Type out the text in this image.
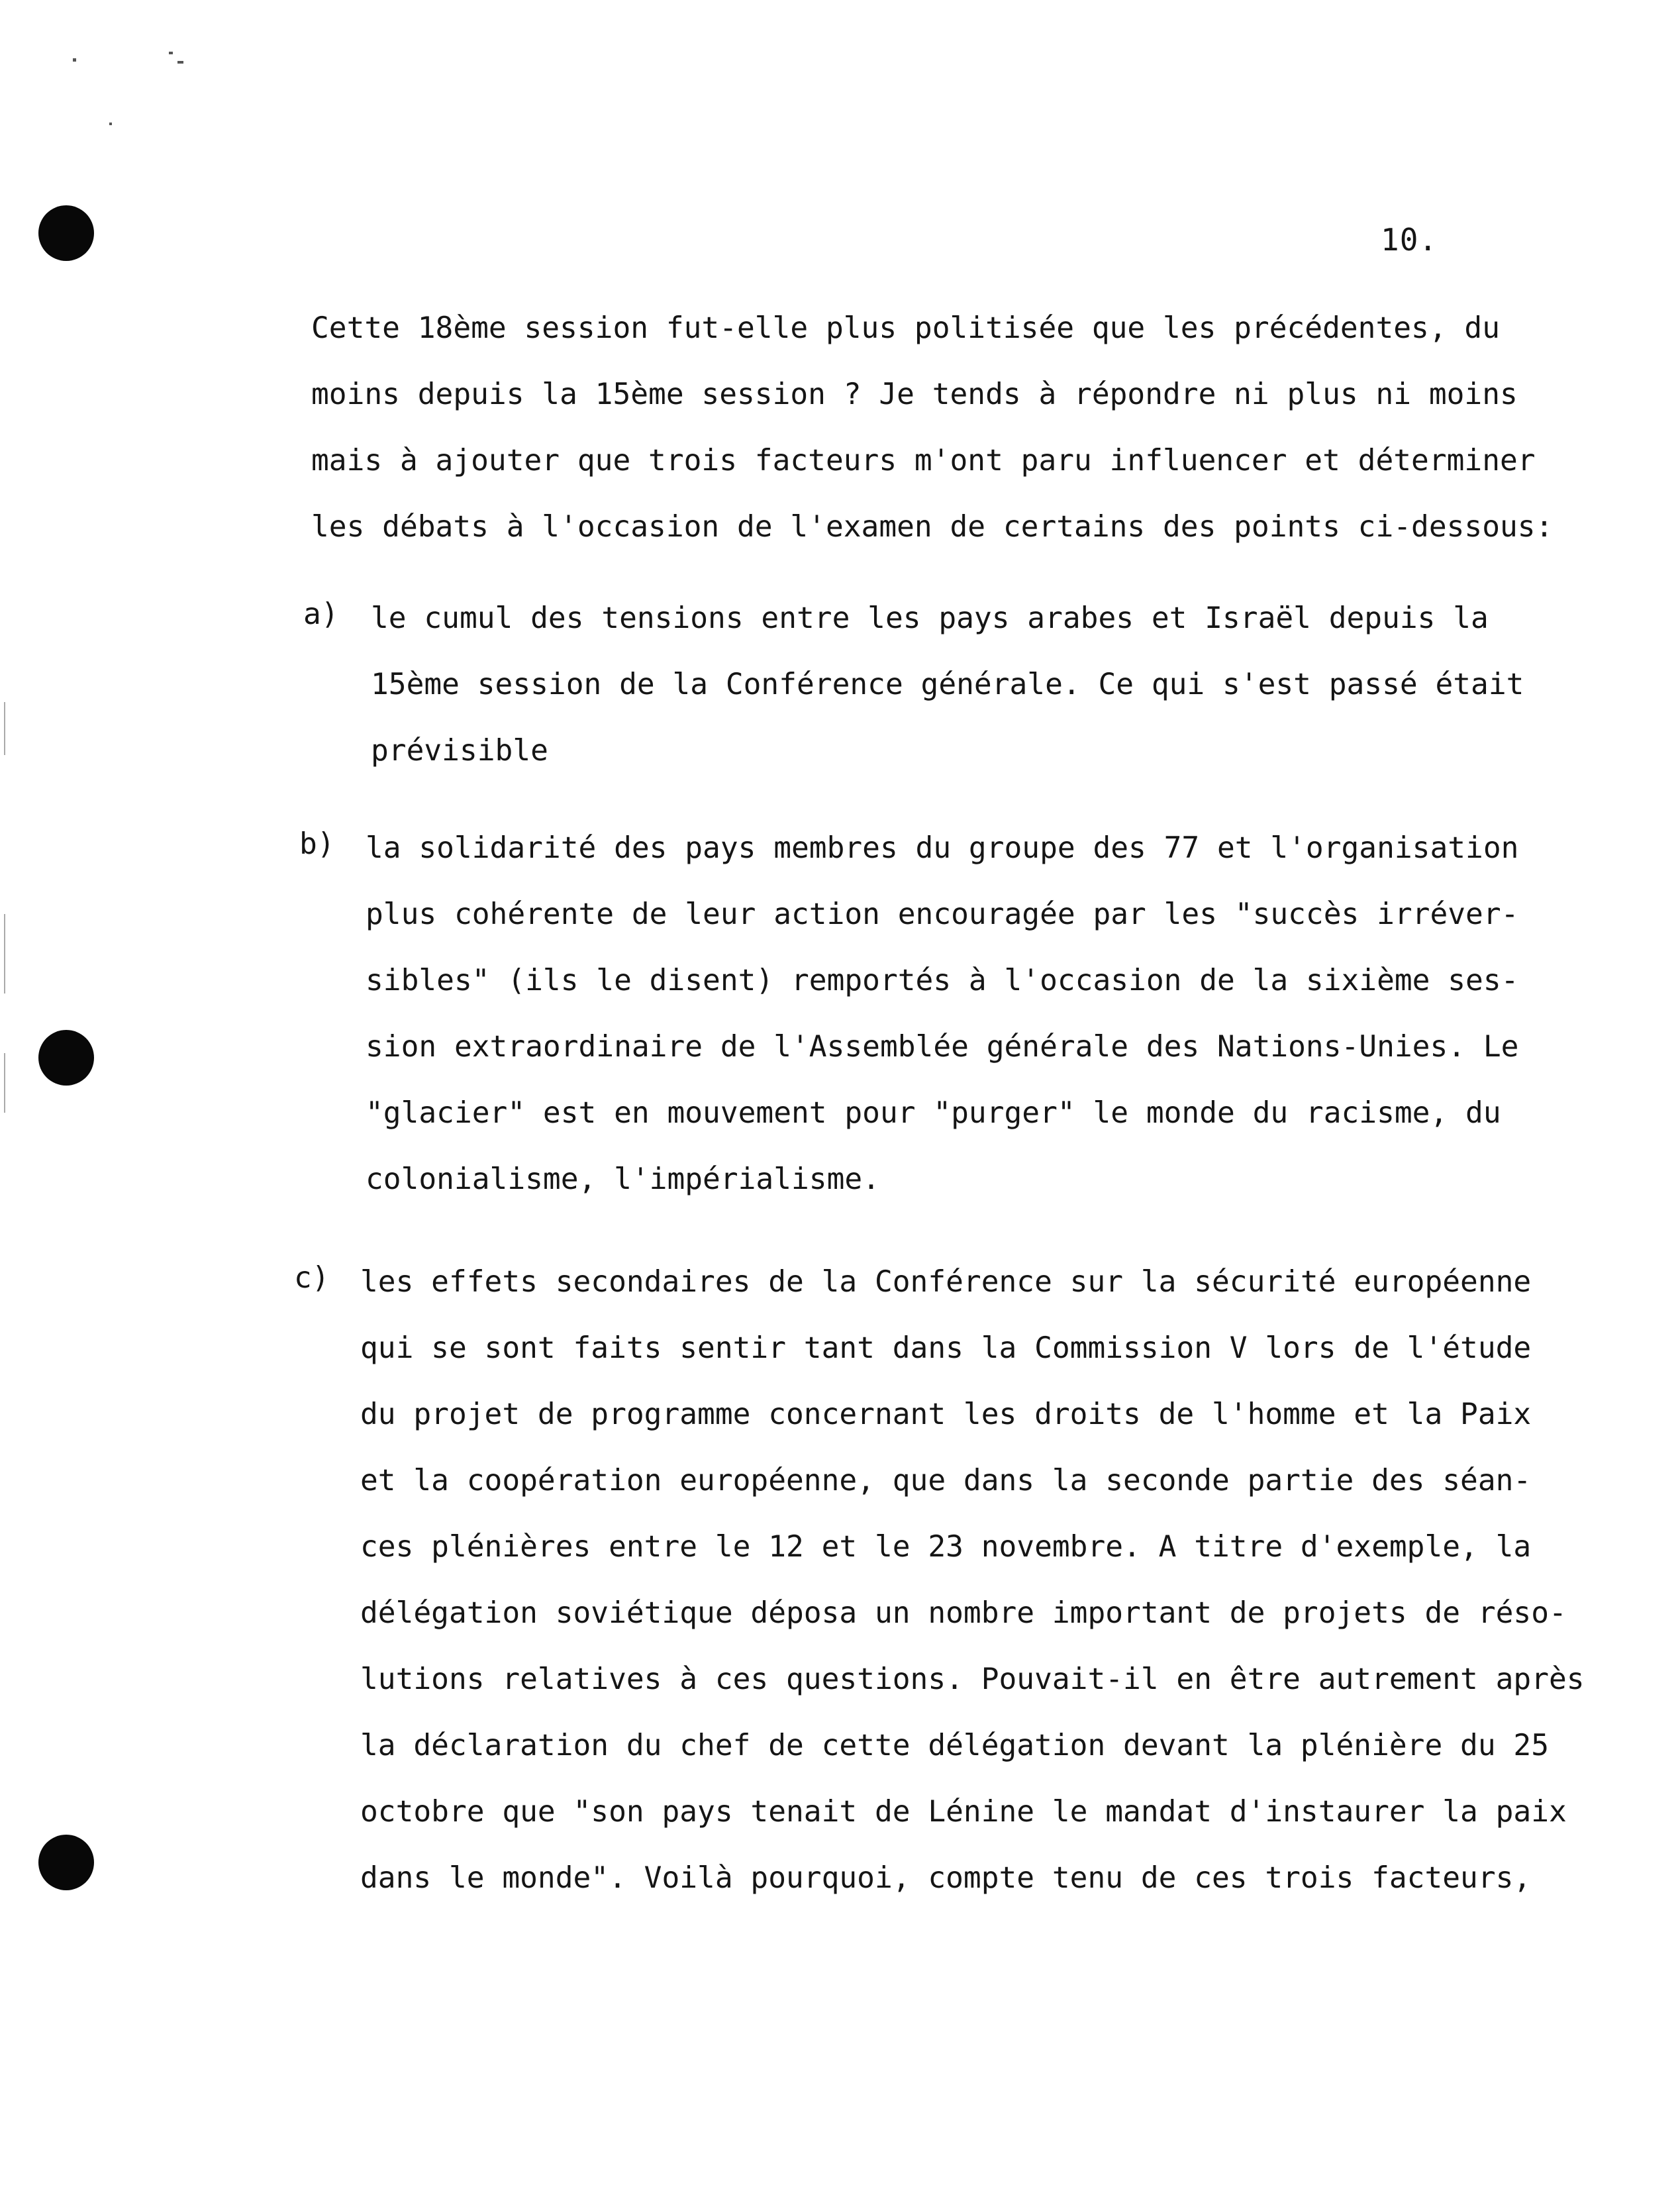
10.
Cette 18ème session fut-elle plus politisée que les précédentes, du
moins depuis la 15ème session ? Je tends à répondre ni plus ni moins
mais à ajouter que trois facteurs m'ont paru influencer et déterminer
les débats à l'occasion de l'examen de certains des points ci-dessous:
a) le cumul des tensions entre les pays arabes et Israël depuis la
15ème session de la Conférence générale. Ce qui s'est passé était
prévisible
b) la solidarité des pays membres du groupe des 77 et l'organisation
plus cohérente de leur action encouragée par les "succès irréver-
sibles" (ils le disent) remportés à l'occasion de la sixième ses-
sion extraordinaire de l'Assemblée générale des Nations-Unies. Le
"glacier" est en mouvement pour "purger" le monde du racisme, du
colonialisme, l'impérialisme.
c) les effets secondaires de la Conférence sur la sécurité européenne
qui se sont faits sentir tant dans la Commission V lors de l'étude
du projet de programme concernant les droits de l'homme et la Paix
et la coopération européenne, que dans la seconde partie des séan-
ces plénières entre le 12 et le 23 novembre. A titre d'exemple, la
délégation soviétique déposa un nombre important de projets de réso-
lutions relatives à ces questions. Pouvait-il en être autrement après
la déclaration du chef de cette délégation devant la plénière du 25
octobre que "son pays tenait de Lénine le mandat d'instaurer la paix
dans le monde". Voilà pourquoi, compte tenu de ces trois facteurs,
